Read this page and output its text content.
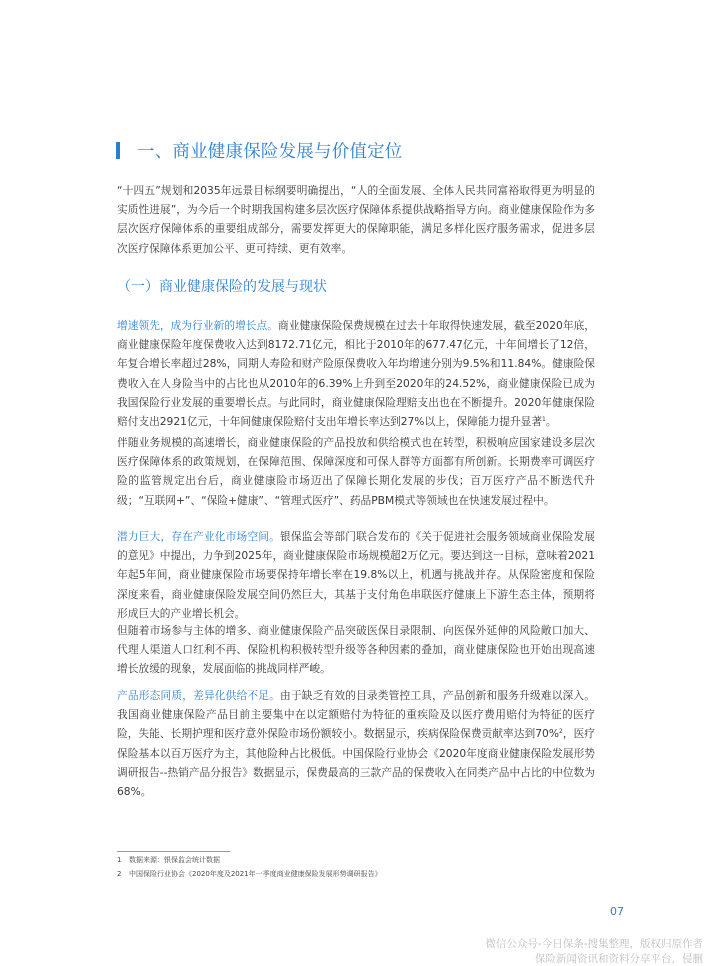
一、商业健康保险发展与价值定位
“十四五”规划和2035年远景目标纲要明确提出，“人的全面发展、全体人民共同富裕取得更为明显的实质性进展”，为今后一个时期我国构建多层次医疗保障体系提供战略指导方向。商业健康保险作为多层次医疗保障体系的重要组成部分，需要发挥更大的保障职能，满足多样化医疗服务需求，促进多层次医疗保障体系更加公平、更可持续、更有效率。
（一）商业健康保险的发展与现状
增速领先，成为行业新的增长点。商业健康保险保费规模在过去十年取得快速发展，截至2020年底，商业健康保险年度保费收入达到8172.71亿元，相比于2010年的677.47亿元，十年间增长了12倍，年复合增长率超过28%，同期人寿险和财产险原保费收入年均增速分别为9.5%和11.84%。健康险保费收入在人身险当中的占比也从2010年的6.39%上升到至2020年的24.52%，商业健康保险已成为我国保险行业发展的重要增长点。与此同时，商业健康保险理赔支出也在不断提升。2020年健康保险赔付支出2921亿元，十年间健康保险赔付支出年增长率达到27%以上，保障能力提升显著$^1$。
伴随业务规模的高速增长，商业健康保险的产品投放和供给模式也在转型，积极响应国家建设多层次医疗保障体系的政策规划，在保障范围、保障深度和可保人群等方面都有所创新。长期费率可调医疗险的监管规定出台后，商业健康险市场迈出了保障长期化发展的步伐；百万医疗产品不断迭代升级；“互联网+”、“保险+健康”、“管理式医疗”、药品PBM模式等领域也在快速发展过程中。
潜力巨大，存在产业化市场空间。银保监会等部门联合发布的《关于促进社会服务领域商业保险发展的意见》中提出，力争到2025年，商业健康保险市场规模超2万亿元。要达到这一目标，意味着2021年起5年间，商业健康保险市场要保持年增长率在19.8%以上，机遇与挑战并存。从保险密度和保险深度来看，商业健康保险发展空间仍然巨大，其基于支付角色串联医疗健康上下游生态主体，预期将形成巨大的产业增长机会。
但随着市场参与主体的增多、商业健康保险产品突破医保目录限制、向医保外延伸的风险敞口加大、代理人渠道人口红利不再、保险机构积极转型升级等各种因素的叠加，商业健康保险也开始出现高速增长放缓的现象，发展面临的挑战同样严峻。
产品形态同质，差异化供给不足。由于缺乏有效的目录类管控工具，产品创新和服务升级难以深入。我国商业健康保险产品目前主要集中在以定额赔付为特征的重疾险及以医疗费用赔付为特征的医疗险，失能、长期护理和医疗意外保险市场份额较小。数据显示，疾病保险保费贡献率达到70%$^2$，医疗保险基本以百万医疗为主，其他险种占比极低。中国保险行业协会《2020年度商业健康保险发展形势调研报告--热销产品分报告》数据显示，保费最高的三款产品的保费收入在同类产品中占比的中位数为68%。
1 数据来源：银保监会统计数据
2 中国保险行业协会《2020年度及2021年一季度商业健康保险发展形势调研报告》
07
微信公众号-今日保条-搜集整理，版权归原作者
保险新闻资讯和资料分享平台，侵删
